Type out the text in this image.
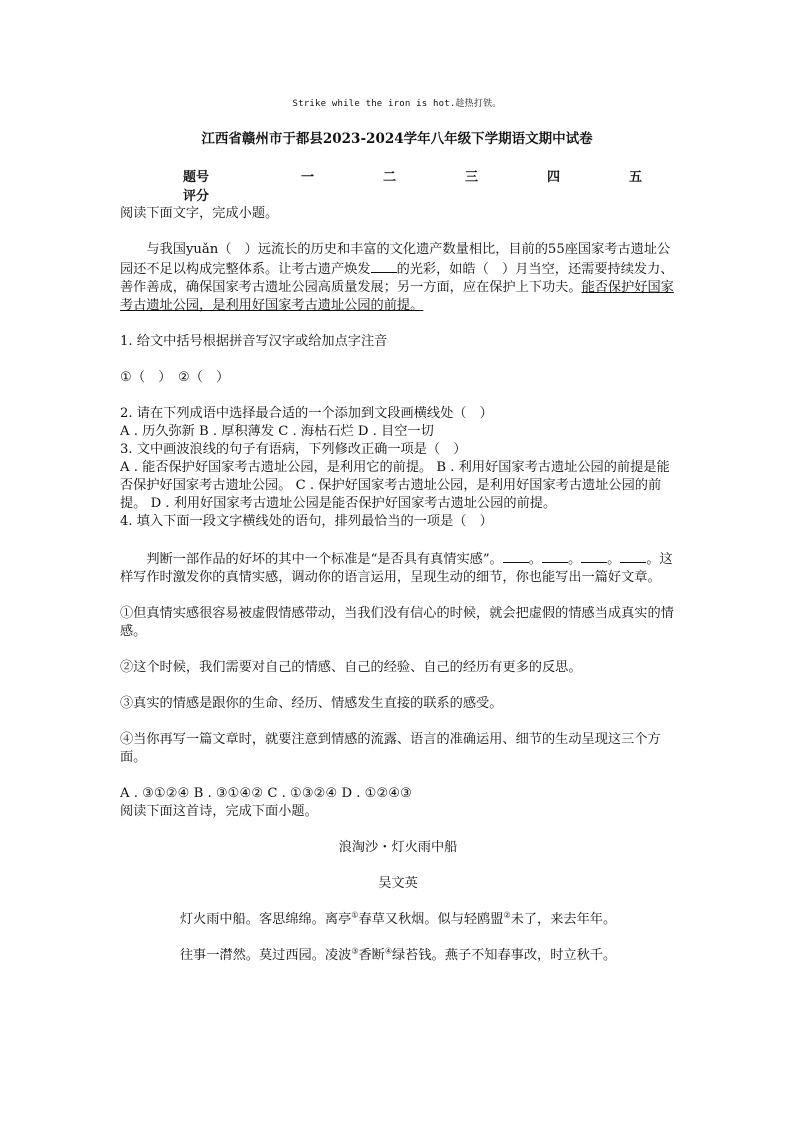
Strike while the iron is hot.趁热打铁。
江西省赣州市于都县2023-2024学年八年级下学期语文期中试卷
题号	一	二	三	四	五
评分

阅读下面文字，完成小题。

与我国yuǎn（　）远流长的历史和丰富的文化遗产数量相比，目前的55座国家考古遗址公园还不足以构成完整体系。让考古遗产焕发 的光彩，如皓（　）月当空，还需要持续发力、善作善成，确保国家考古遗址公园高质量发展；另一方面，应在保护上下功夫。能否保护好国家考古遗址公园，是利用好国家考古遗址公园的前提。

1. 给文中括号根据拼音写汉字或给加点字注音

①（　）　②（　）

2. 请在下列成语中选择最合适的一个添加到文段画横线处（　）

A . 历久弥新 B . 厚积薄发 C . 海枯石烂 D . 目空一切

3. 文中画波浪线的句子有语病，下列修改正确一项是（　）

A . 能否保护好国家考古遗址公园，是利用它的前提。 B . 利用好国家考古遗址公园的前提是能否保护好国家考古遗址公园。 C . 保护好国家考古遗址公园，是利用好国家考古遗址公园的前提。 D . 利用好国家考古遗址公园是能否保护好国家考古遗址公园的前提。

4. 填入下面一段文字横线处的语句，排列最恰当的一项是（　）

判断一部作品的好坏的其中一个标准是“是否具有真情实感”。 。 。 。 。这样写作时激发你的真情实感，调动你的语言运用，呈现生动的细节，你也能写出一篇好文章。

①但真情实感很容易被虚假情感带动，当我们没有信心的时候，就会把虚假的情感当成真实的情感。

②这个时候，我们需要对自己的情感、自己的经验、自己的经历有更多的反思。

③真实的情感是跟你的生命、经历、情感发生直接的联系的感受。

④当你再写一篇文章时，就要注意到情感的流露、语言的准确运用、细节的生动呈现这三个方面。

A . ③①②④ B . ③①④② C . ①③②④ D . ①②④③

阅读下面这首诗，完成下面小题。

浪淘沙・灯火雨中船

吴文英

灯火雨中船。客思绵绵。离亭①春草又秋烟。似与轻鸥盟②未了，来去年年。

往事一潸然。莫过西园。凌波③香断④绿苔钱。燕子不知春事改，时立秋千。
